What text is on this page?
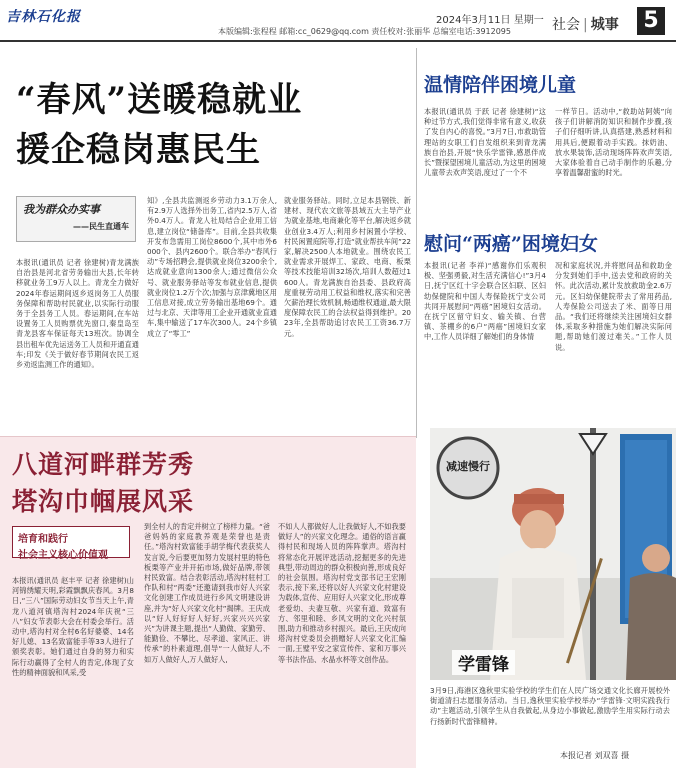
吉林石化报	2024年3月11日 星期一
本版编辑:张程程 邮箱:cc_0629@qq.com 责任校对:张丽华 总编室电话:3912095	社会 | 城事 5
“春风”送暖稳就业
援企稳岗惠民生
我为群众办实事
——民生直通车
本报讯(通讯员 记者 徐建树)青龙满族自治县是河北省劳务输出大县,长年转移就业务工9万人以上。青龙全力做好2024年春运期间返乡返岗务工人员服务保障和帮助村民就业,以实际行动服务于全县务工人员。春运期间,在车站设置务工人员购票优先窗口,秦皇岛至青龙县客车保证每天13班次。协调全县出租车优先运送务工人员和开通直通车;印发《关于做好春节期间农民工返乡劝返监测工作的通知》。
知》,全县共监测返乡劳动力3.1万余人,有2.9万人选择外出务工,省内2.5万人,省外0.4万人。青龙人社局结合企业用工信息,建立岗位“储备库”。目前,全县共收集开发布急需用工岗位8600个,其中市外6000个、县内2600个。联合举办“春风行动”专场招聘会,提供就业岗位3200余个,达成就业意向1300余人;通过微信公众号、就业服务驿站等发布就业信息,提供就业岗位1.2万个次;加强与京津冀地区用工信息对接,成立劳务输出基地69个。通过与北京、天津等用工企业开通就业直通车,集中输送了17车次300人。24个乡镇成立了“零工”
就业服务驿站。同时,立足本县钢铁、新建材、现代农文旅等县域五大主导产业为就业基地,电商兼化等平台,解决返乡就业创业3.4万人;利用乡村闲置小学校、村民闲置庭院等,打造“就业帮扶车间”22家,解决2500人本地就业。围绕农民工就业需求开展焊工、家政、电商、板栗等技术技能培训32场次,培训人数超过1600人。青龙满族自治县委、县政府高度重视劳动用工权益和维权,落实和完善欠薪治理长效机制,畅通维权通道,最大限度保障农民工的合法权益得到维护。2023年,全县帮助追讨农民工工资36.7万元。
温情陪伴困境儿童
本报讯(通讯员 于跃 记者 徐建树)“这种过节方式,我们觉得非常有意义,收获了发自内心的喜悦。”3月7日,市救助管理站的女职工们自发组织来到青龙满族自治县,开展“快乐学雷锋,感恩伴成长”暨探望困境儿童活动,为这里的困境儿童带去欢声笑语,度过了一个不
一样节日。活动中,“救助站阿姨”向孩子们讲解消防知识和制作步骤,孩子们仔细听讲,认真搭建,熟悉材料和用具后,便跟着动手实践。抹奶油、放水果装饰,活动现场阵阵欢声笑语,大家体验着自己动手制作的乐趣,分享着温馨甜蜜的时光。
慰问“两癌”困境妇女
本报讯(记者 李祥)“感谢你们乐观积极、坚强勇毅,对生活充满信心!”3月4日,抚宁区红十字会联合区妇联、区妇幼保健院和中国人寿保险抚宁支公司共同开展慰问“两癌”困境妇女活动。在抚宁区留守妇女、输关镇、台营镇、茶棚乡的6户“两癌”困境妇女家中,工作人员详细了解她们的身体情
况和家庭状况,并将慰问品和救助金分发到她们手中,送去党和政府的关怀。此次活动,累计发放救助金2.6万元。区妇幼保健院带去了常用药品,人寿保险公司送去了米、面等日用品。“我们还将继续关注困境妇女群体,采取多种措施为她们解决实际问题,帮助她们渡过难关。”工作人员说。
八道河畔群芳秀
塔沟巾帼展风采
培育和践行
社会主义核心价值观
本报讯(通讯员 赵丰平 记者 徐建树)山河锦绣耀天明,彩霞飘飘庆春风。3月8日,“三八”国际劳动妇女节当天上午,青龙八道河镇塔沟村2024年庆祝“三八”妇女节表彰大会在村委会举行。活动中,塔沟村对全村6名好婆婆、14名好儿媳、13名致富能手等33人进行了颁奖表彰。她们通过自身的努力和实际行动赢得了全村人的肯定,体现了女性的精神面貌和风采,受
到全村人的肯定并树立了榜样力量。“爸爸妈妈的家庭教养观是荣誉也是责任。”塔沟村致富能手胡学梅代表获奖人发言说,今后要更加努力发展村里的特色板栗等产业并开拓市场,做好品牌,带领村民致富。结合表彰活动,塔沟村驻村工作队和村“两委”还邀请到我市好人兴家文化创建工作成员进行乡风文明建设讲座,并为“好人兴家文化村”揭牌。王庆成以“好人好好好人好好,兴家兴兴兴家兴”为讲课主题,提出“人勤做、家勤劳、能勤俭、不攀比、尽孝道、家风正、讲传承”的朴素道理,倡导“一人做好人,不如万人做好人,万人做好人,
不如人人都做好人,让我做好人,不如我要做好人”的兴家文化理念。通俗的语言赢得村民和现场人员的阵阵掌声。塔沟村将常态化开展评选活动,挖掘更多的先进典型,带动周边的群众积极向善,形成良好的社会氛围。塔沟村党支部书记王宏刚表示,接下来,还将以好人兴家文化村建设为载体,宣传、应用好人兴家文化,形成尊老爱幼、夫妻互敬、兴家有道、致富有方、邻里和睦、乡风文明的文化兴村氛围,助力和推动乡村振兴。最后,王庆成向塔沟村党委员会捐赠好人兴家文化汇编一面,王璧平安之家宣传件、家和万事兴等书法作品、水晶水杯等文创作品。
减速慢行
学雷锋
3月9日,海港区逸秋里实验学校的学生们在人民广场交通文化长廊开展校外街道清扫志愿服务活动。当日,逸秋里实验学校举办“学雷锋·文明实践我行动”主题活动,引领学生从自我做起,从身边小事做起,激励学生用实际行动去行扬新时代雷锋精神。
本报记者 刘双喜 摄
